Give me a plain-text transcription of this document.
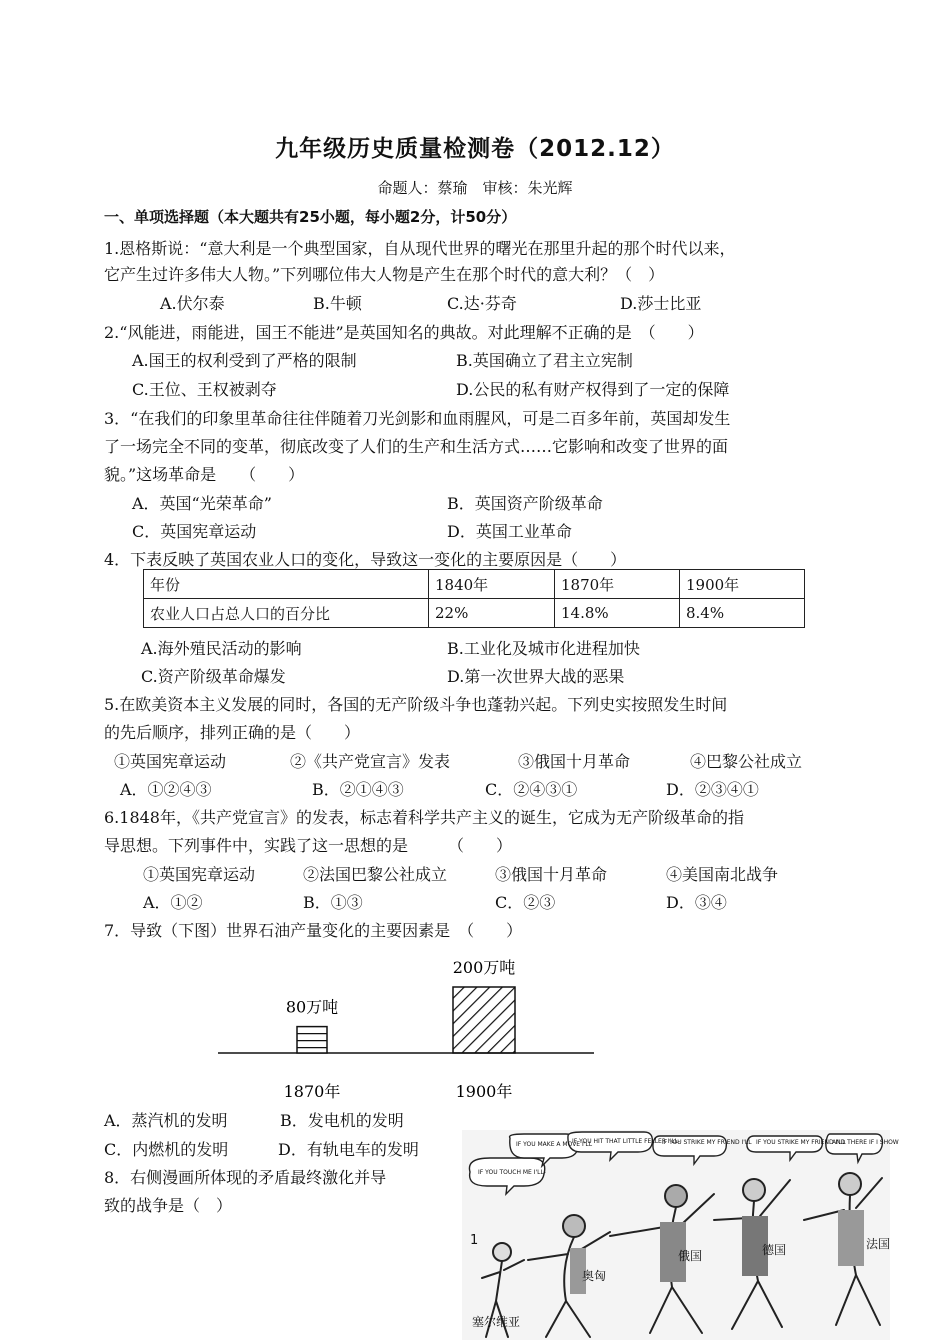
九年级历史质量检测卷（2012.12）
命题人：蔡瑜　审核：朱光辉
一、单项选择题（本大题共有25小题，每小题2分，计50分）
1.恩格斯说：“意大利是一个典型国家，自从现代世界的曙光在那里升起的那个时代以来，
它产生过许多伟大人物。”下列哪位伟大人物是产生在那个时代的意大利？（　）
A.伏尔泰	B.牛顿	C.达·芬奇	D.莎士比亚
2.“风能进，雨能进，国王不能进”是英国知名的典故。对此理解不正确的是　（　　）
A.国王的权利受到了严格的限制	B.英国确立了君主立宪制
C.王位、王权被剥夺	D.公民的私有财产权得到了一定的保障
3．“在我们的印象里革命往往伴随着刀光剑影和血雨腥风，可是二百多年前，英国却发生
了一场完全不同的变革，彻底改变了人们的生产和生活方式……它影响和改变了世界的面
貌。”这场革命是　　（　　）
A．英国“光荣革命”	B．英国资产阶级革命
C．英国宪章运动	D．英国工业革命
4．下表反映了英国农业人口的变化，导致这一变化的主要原因是（　　）
年份	1840年	1870年	1900年
农业人口占总人口的百分比	22%	14.8%	8.4%
A.海外殖民活动的影响	B.工业化及城市化进程加快
C.资产阶级革命爆发	D.第一次世界大战的恶果
5.在欧美资本主义发展的同时，各国的无产阶级斗争也蓬勃兴起。下列史实按照发生时间
的先后顺序，排列正确的是（　　）
①英国宪章运动	②《共产党宣言》发表	③俄国十月革命	④巴黎公社成立
A．①②④③	B．②①④③	C．②④③①	D．②③④①
6.1848年，《共产党宣言》的发表，标志着科学共产主义的诞生，它成为无产阶级革命的指
导思想。下列事件中，实践了这一思想的是　　　（　　）
①英国宪章运动	②法国巴黎公社成立	③俄国十月革命	④美国南北战争
A．①②	B．①③	C．②③	D．③④
7．导致（下图）世界石油产量变化的主要因素是　（　　）
80万吨
1870年
200万吨
1900年
A．蒸汽机的发明	B．发电机的发明
C．内燃机的发明	D．有轨电车的发明
8．右侧漫画所体现的矛盾最终激化并导
致的战争是（　）
IF YOU TOUCH ME I'LL-
IF YOU MAKE A MOVE I'LL
IF YOU HIT THAT LITTLE FELLER I'LL-
IF YOU STRIKE MY FRIEND I'LL IF YOU STRIKE MY FRIEND I'LL
AND THERE IF I SHOW
塞尔维亚
奥匈
俄国	德国	法国
1
